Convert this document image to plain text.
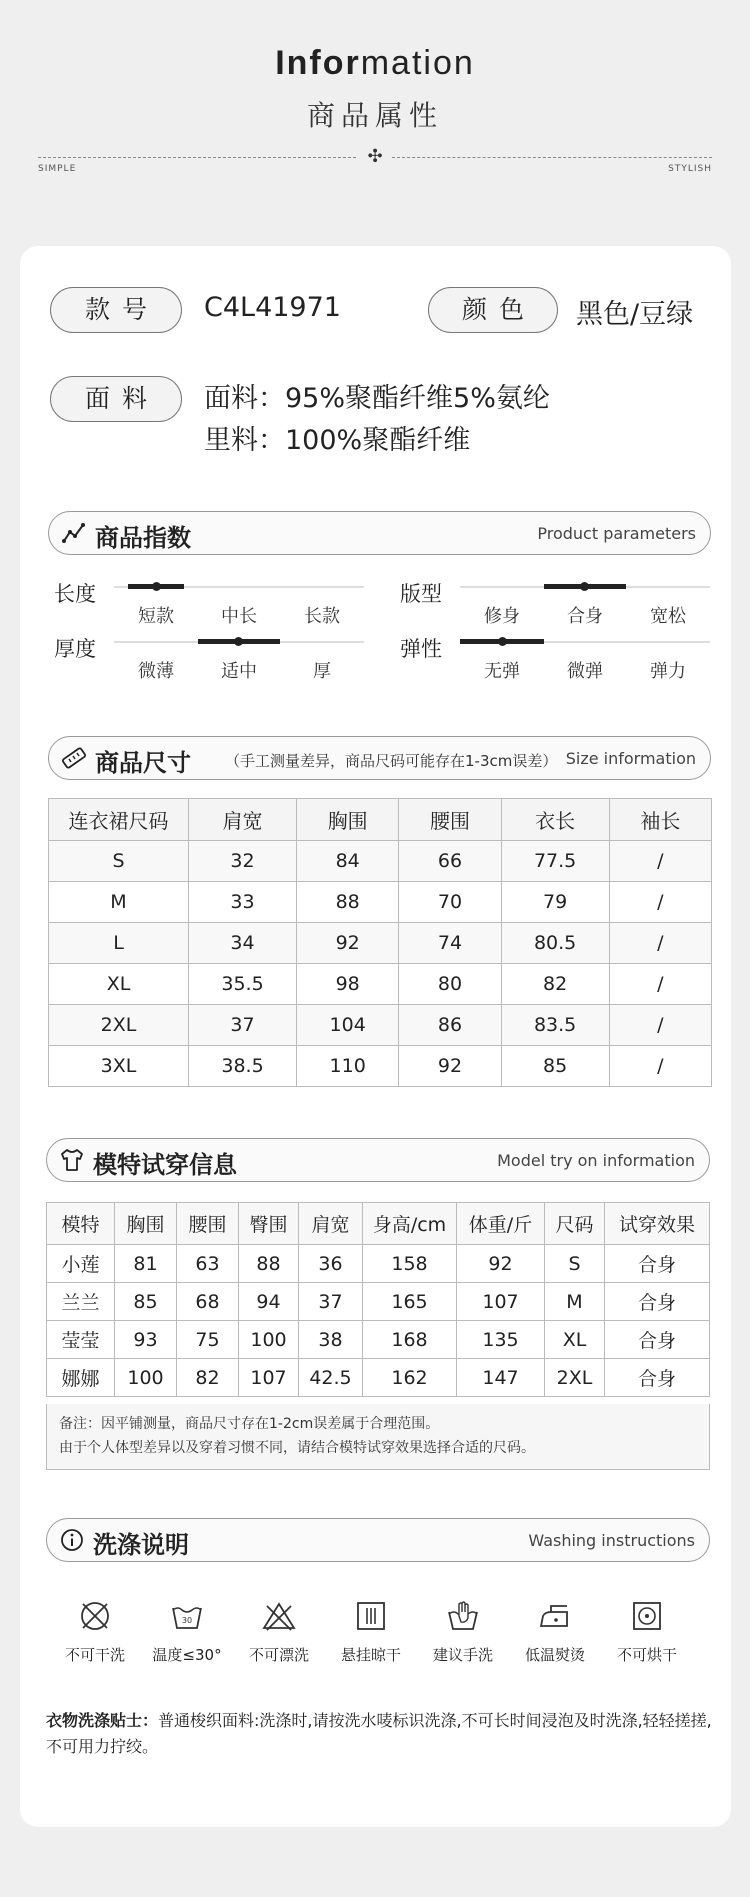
Information
商品属性
✣
SIMPLE	STYLISH
款号	C4L41971	颜色	黑色/豆绿
面料	面料：95%聚酯纤维5%氨纶
里料：100%聚酯纤维
商品指数	Product parameters
长度
短款	中长	长款
版型
修身	合身	宽松
厚度
微薄	适中	厚
弹性
无弹	微弹	弹力
商品尺寸 （手工测量差异，商品尺码可能存在1-3cm误差） Size information
连衣裙尺码	肩宽	胸围	腰围	衣长	袖长
S	32	84	66	77.5	/
M	33	88	70	79	/
L	34	92	74	80.5	/
XL	35.5	98	80	82	/
2XL	37	104	86	83.5	/
3XL	38.5	110	92	85	/
模特试穿信息	Model try on information
模特	胸围	腰围	臀围	肩宽	身高/cm	体重/斤	尺码	试穿效果
小莲	81	63	88	36	158	92	S	合身
兰兰	85	68	94	37	165	107	M	合身
莹莹	93	75	100	38	168	135	XL	合身
娜娜	100	82	107	42.5	162	147	2XL	合身
备注：因平铺测量，商品尺寸存在1-2cm误差属于合理范围。
由于个人体型差异以及穿着习惯不同，请结合模特试穿效果选择合适的尺码。
洗涤说明	Washing instructions
不可干洗
30
温度≤30°	不可漂洗	悬挂晾干	建议手洗	低温熨烫	不可烘干
衣物洗涤贴士：普通梭织面料:洗涤时,请按洗水唛标识洗涤,不可长时间浸泡及时洗涤,轻轻搓搓,不可用力拧绞。
